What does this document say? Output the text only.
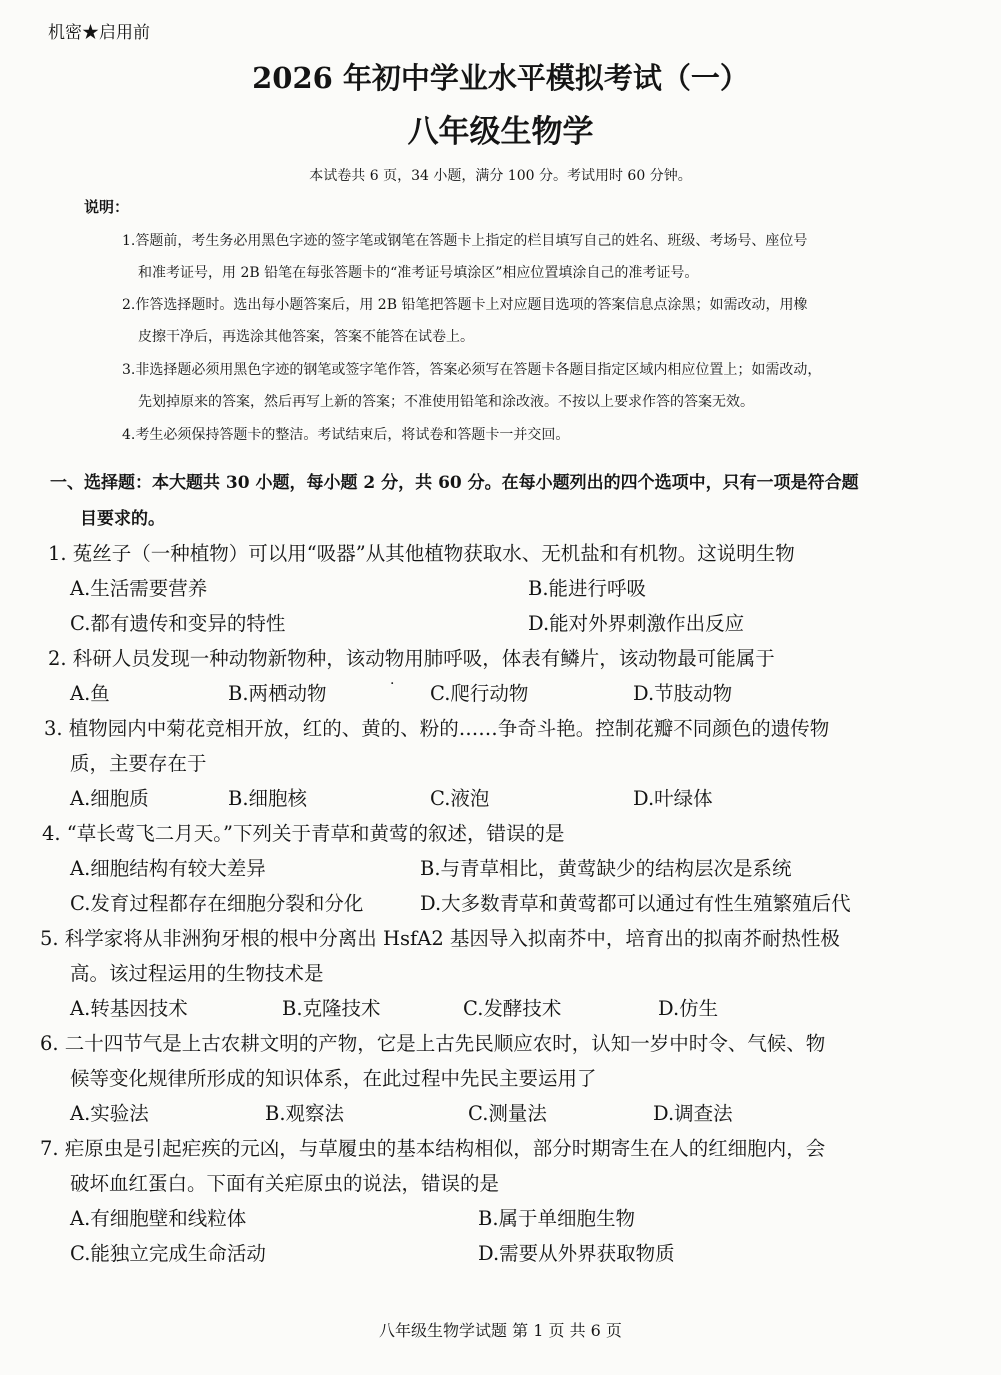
机密★启用前
2026 年初中学业水平模拟考试（一）
八年级生物学
本试卷共 6 页，34 小题，满分 100 分。考试用时 60 分钟。
说明：
1.答题前，考生务必用黑色字迹的签字笔或钢笔在答题卡上指定的栏目填写自己的姓名、班级、考场号、座位号
和准考证号，用 2B 铅笔在每张答题卡的“准考证号填涂区”相应位置填涂自己的准考证号。
2.作答选择题时。选出每小题答案后，用 2B 铅笔把答题卡上对应题目选项的答案信息点涂黑；如需改动，用橡
皮擦干净后，再选涂其他答案，答案不能答在试卷上。
3.非选择题必须用黑色字迹的钢笔或签字笔作答，答案必须写在答题卡各题目指定区域内相应位置上；如需改动，
先划掉原来的答案，然后再写上新的答案；不准使用铅笔和涂改液。不按以上要求作答的答案无效。
4.考生必须保持答题卡的整洁。考试结束后，将试卷和答题卡一并交回。
一、选择题：本大题共 30 小题，每小题 2 分，共 60 分。在每小题列出的四个选项中，只有一项是符合题
目要求的。
1. 菟丝子（一种植物）可以用“吸器”从其他植物获取水、无机盐和有机物。这说明生物
A.生活需要营养	B.能进行呼吸
C.都有遗传和变异的特性	D.能对外界刺激作出反应
2. 科研人员发现一种动物新物种，该动物用肺呼吸，体表有鳞片，该动物最可能属于
A.鱼	B.两栖动物	· C.爬行动物	D.节肢动物
3. 植物园内中菊花竞相开放，红的、黄的、粉的……争奇斗艳。控制花瓣不同颜色的遗传物
质，主要存在于
A.细胞质	B.细胞核	C.液泡	D.叶绿体
4. “草长莺飞二月天。”下列关于青草和黄莺的叙述，错误的是
A.细胞结构有较大差异	B.与青草相比，黄莺缺少的结构层次是系统
C.发育过程都存在细胞分裂和分化	D.大多数青草和黄莺都可以通过有性生殖繁殖后代
5. 科学家将从非洲狗牙根的根中分离出 HsfA2 基因导入拟南芥中，培育出的拟南芥耐热性极
高。该过程运用的生物技术是
A.转基因技术	B.克隆技术	C.发酵技术	D.仿生
6. 二十四节气是上古农耕文明的产物，它是上古先民顺应农时，认知一岁中时令、气候、物
候等变化规律所形成的知识体系，在此过程中先民主要运用了
A.实验法	B.观察法	C.测量法	D.调查法
7. 疟原虫是引起疟疾的元凶，与草履虫的基本结构相似，部分时期寄生在人的红细胞内，会
破坏血红蛋白。下面有关疟原虫的说法，错误的是
A.有细胞壁和线粒体	B.属于单细胞生物
C.能独立完成生命活动	D.需要从外界获取物质
八年级生物学试题 第 1 页 共 6 页
